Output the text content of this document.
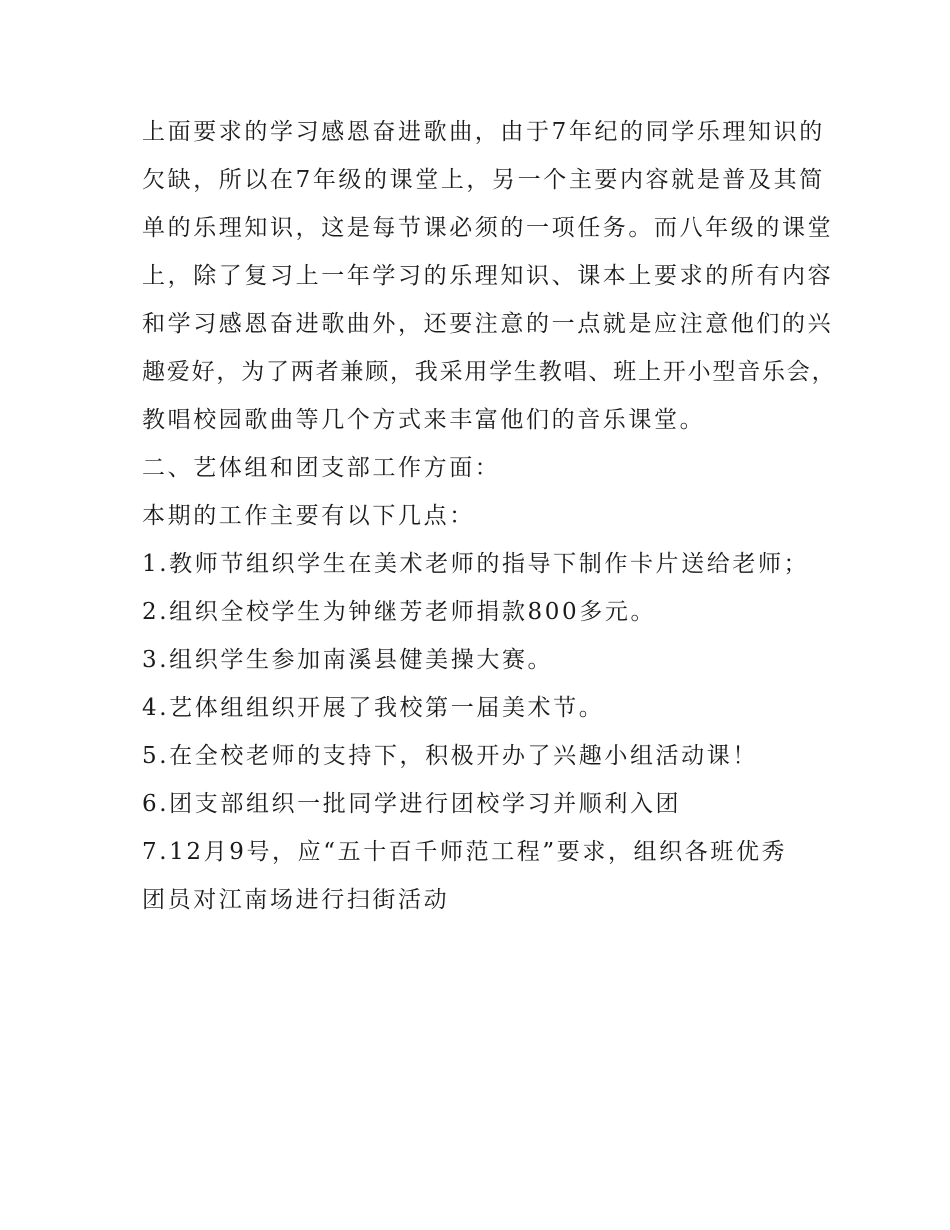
上面要求的学习感恩奋进歌曲，由于7年纪的同学乐理知识的
欠缺，所以在7年级的课堂上，另一个主要内容就是普及其简
单的乐理知识，这是每节课必须的一项任务。而八年级的课堂
上，除了复习上一年学习的乐理知识、课本上要求的所有内容
和学习感恩奋进歌曲外，还要注意的一点就是应注意他们的兴
趣爱好，为了两者兼顾，我采用学生教唱、班上开小型音乐会，
教唱校园歌曲等几个方式来丰富他们的音乐课堂。
二、艺体组和团支部工作方面：
本期的工作主要有以下几点：
1.教师节组织学生在美术老师的指导下制作卡片送给老师；
2.组织全校学生为钟继芳老师捐款800多元。
3.组织学生参加南溪县健美操大赛。
4.艺体组组织开展了我校第一届美术节。
5.在全校老师的支持下，积极开办了兴趣小组活动课！
6.团支部组织一批同学进行团校学习并顺利入团
7.12月9号，应“五十百千师范工程”要求，组织各班优秀
团员对江南场进行扫街活动
